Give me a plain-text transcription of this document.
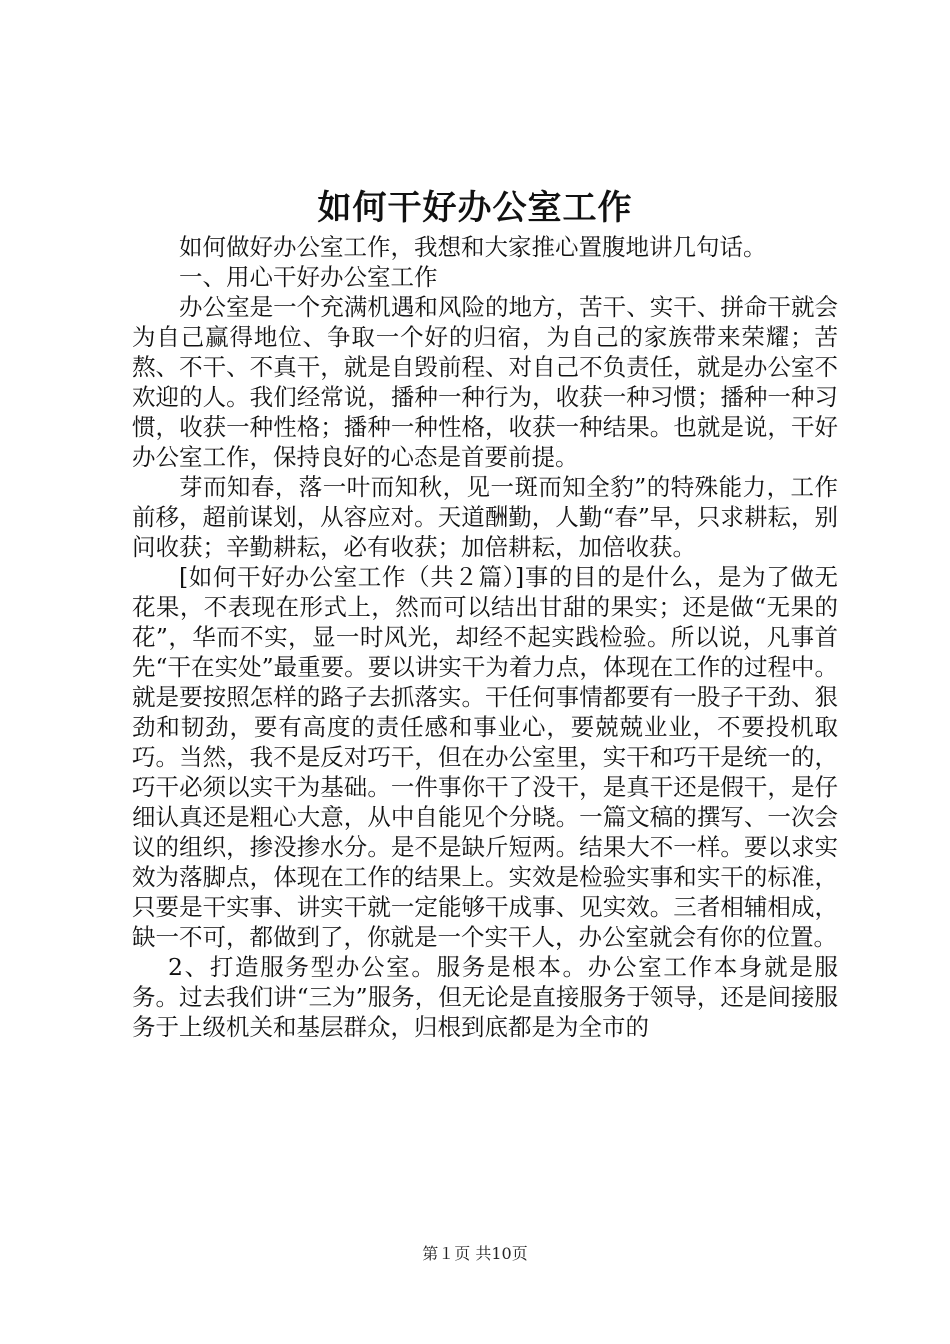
如何干好办公室工作

如何做好办公室工作，我想和大家推心置腹地讲几句话。

一、用心干好办公室工作

办公室是一个充满机遇和风险的地方，苦干、实干、拼命干就会为自己赢得地位、争取一个好的归宿，为自己的家族带来荣耀；苦熬、不干、不真干，就是自毁前程、对自己不负责任，就是办公室不欢迎的人。我们经常说，播种一种行为，收获一种习惯；播种一种习惯，收获一种性格；播种一种性格，收获一种结果。也就是说，干好办公室工作，保持良好的心态是首要前提。

芽而知春，落一叶而知秋，见一斑而知全豹”的特殊能力，工作前移，超前谋划，从容应对。天道酬勤，人勤“春”早，只求耕耘，别问收获；辛勤耕耘，必有收获；加倍耕耘，加倍收获。

[如何干好办公室工作（共２篇）]事的目的是什么，是为了做无花果，不表现在形式上，然而可以结出甘甜的果实；还是做“无果的花”，华而不实，显一时风光，却经不起实践检验。所以说，凡事首先“干在实处”最重要。要以讲实干为着力点，体现在工作的过程中。就是要按照怎样的路子去抓落实。干任何事情都要有一股子干劲、狠劲和韧劲，要有高度的责任感和事业心，要兢兢业业，不要投机取巧。当然，我不是反对巧干，但在办公室里，实干和巧干是统一的，巧干必须以实干为基础。一件事你干了没干，是真干还是假干，是仔细认真还是粗心大意，从中自能见个分晓。一篇文稿的撰写、一次会议的组织，掺没掺水分。是不是缺斤短两。结果大不一样。要以求实效为落脚点，体现在工作的结果上。实效是检验实事和实干的标准，只要是干实事、讲实干就一定能够干成事、见实效。三者相辅相成，缺一不可，都做到了，你就是一个实干人，办公室就会有你的位置。

2、打造服务型办公室。服务是根本。办公室工作本身就是服务。过去我们讲“三为”服务，但无论是直接服务于领导，还是间接服务于上级机关和基层群众，归根到底都是为全市的

第１页 共10页
